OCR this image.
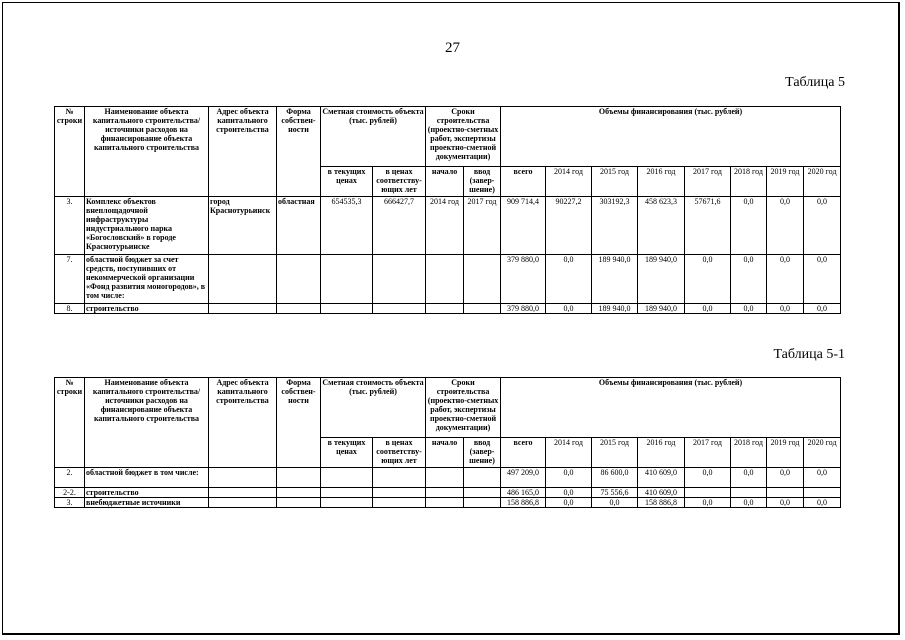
27
Таблица 5
№ строки	Наименование объекта капитального строительства/ источники расходов на финансирование объекта капитального строительства	Адрес объекта капитального строительства	Форма собствен-ности	Сметная стоимость объекта (тыс. рублей)		Сроки строительства (проектно-сметных работ, экспертизы проектно-сметной документации)		Объемы финансирования (тыс. рублей)							
				в текущих ценах	в ценах соответству-ющих лет	начало	ввод (завер-шение)	всего	2014 год	2015 год	2016 год	2017 год	2018 год	2019 год	2020 год
3.	Комплекс объектов внеплощадочной инфраструктуры индустриального парка «Богословский» в городе Краснотурьинске	город Краснотурьинск	областная	654535,3	666427,7	2014 год	2017 год	909 714,4	90227,2	303192,3	458 623,3	57671,6	0,0	0,0	0,0
7.	областной бюджет за счет средств, поступивших от некоммерческой организации «Фонд развития моногородов», в том числе:							379 880,0	0,0	189 940,0	189 940,0	0,0	0,0	0,0	0,0
8.	строительство							379 880,0	0,0	189 940,0	189 940,0	0,0	0,0	0,0	0,0
Таблица 5-1
№ строки	Наименование объекта капитального строительства/ источники расходов на финансирование объекта капитального строительства	Адрес объекта капитального строительства	Форма собствен-ности	Сметная стоимость объекта (тыс. рублей)		Сроки строительства (проектно-сметных работ, экспертизы проектно-сметной документации)		Объемы финансирования (тыс. рублей)							
				в текущих ценах	в ценах соответству-ющих лет	начало	ввод (завер-шение)	всего	2014 год	2015 год	2016 год	2017 год	2018 год	2019 год	2020 год
2.	областной бюджет в том числе:							497 209,0	0,0	86 600,0	410 609,0	0,0	0,0	0,0	0,0
2-2.	строительство							486 165,0	0,0	75 556,6	410 609,0				
3.	внебюджетные источники							158 886,8	0,0	0,0	158 886,8	0,0	0,0	0,0	0,0
